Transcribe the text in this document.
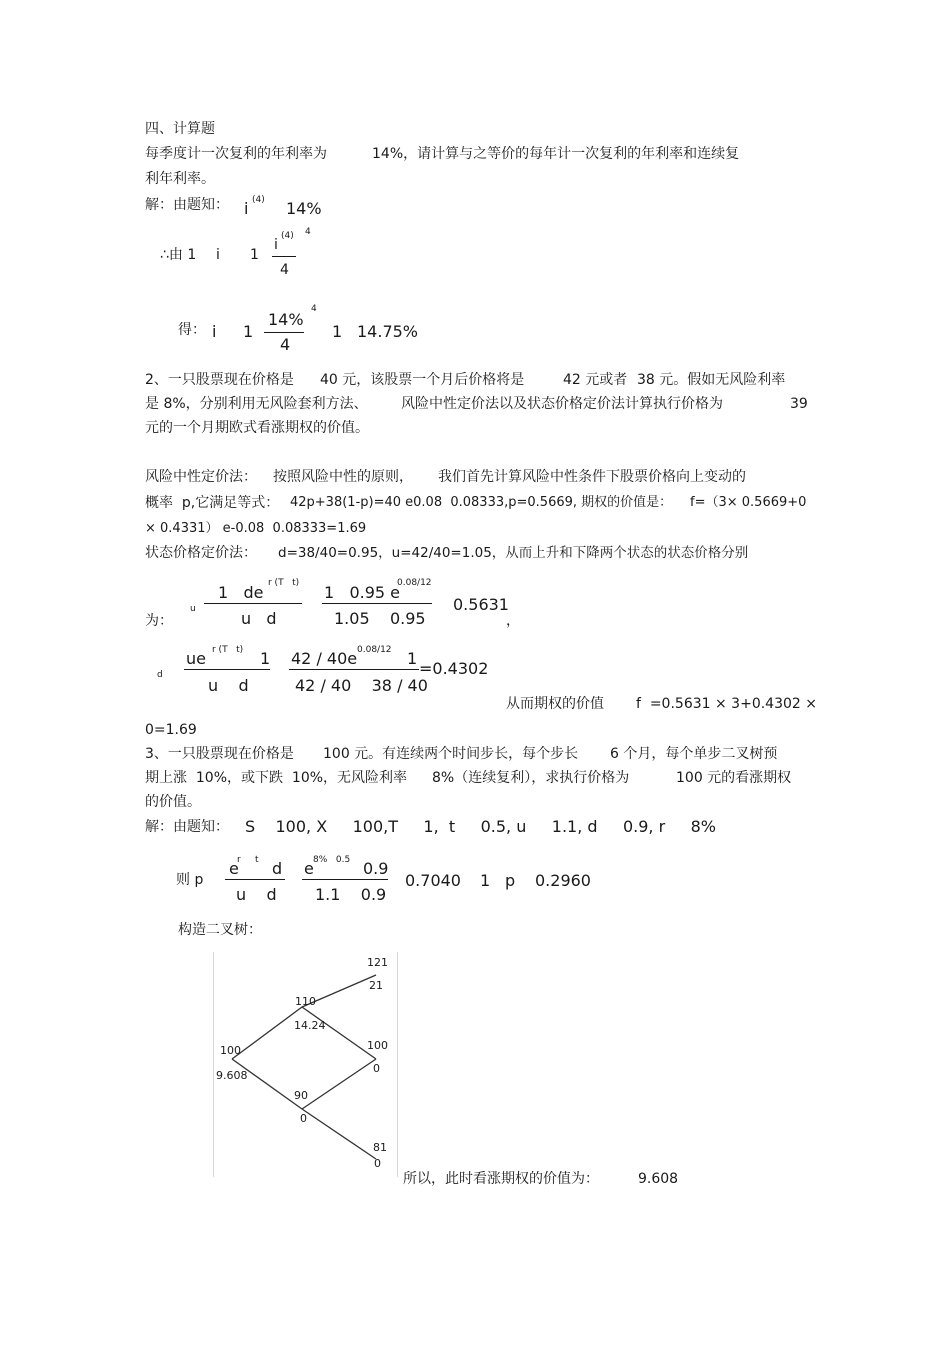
四、计算题
每季度计一次复利的年利率为	14%，请计算与之等价的每年计一次复利的年利率和连续复
利年利率。
解：由题知： i (4) 14%
∴由 1 i 1
i
(4)
4
4
得： i 1
14%
4
4
1 14.75%
2、一只股票现在价格是 40 元，该股票一个月后价格将是	42 元或者 38 元。假如无风险利率
是 8%，分别利用无风险套利方法、 风险中性定价法以及状态价格定价法计算执行价格为	39
元的一个月期欧式看涨期权的价值。
风险中性定价法： 按照风险中性的原则， 我们首先计算风险中性条件下股票价格向上变动的
概率  p,它满足等式： 42p+38(1-p)=40 e0.08  0.08333,p=0.5669, 期权的价值是： f=（3× 0.5669+0
× 0.4331） e-0.08  0.08333=1.69
状态价格定价法： d=38/40=0.95，u=42/40=1.05，从而上升和下降两个状态的状态价格分别
为：
u
1   de r (T   t)
u   d
1   0.95 e
0.08/12
1.05    0.95
0.5631
，
d
ue r (T   t) 1
u    d
42 / 40e 0.08/12 1
42 / 40    38 / 40
=0.4302
从而期权的价值 f  =0.5631 × 3+0.4302 ×
0=1.69
3、一只股票现在价格是 100 元。有连续两个时间步长，每个步长 6 个月，每个单步二叉树预
期上涨  10%，或下跌  10%，无风险利率 8%（连续复利），求执行价格为	100 元的看涨期权
的价值。
解：由题知： S    100, X     100,T     1,  t     0.5, u     1.1, d     0.9, r     8%
则 p
e
r     t d
u    d
e 8%   0.5 0.9
1.1    0.9
0.7040 1 p 0.2960
构造二叉树：
100
9.608
110
14.24
90
0
121
21
100
0
81
0
所以，此时看涨期权的价值为：	9.608
